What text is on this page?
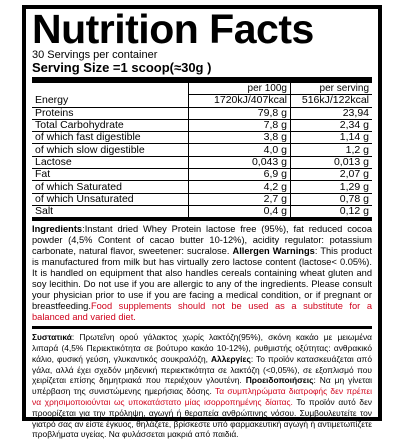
Nutrition Facts
30 Servings per container
Serving Size =1 scoop(≈30g )
	per 100g	per serving
Energy	1720kJ/407kcal	516kJ/122kcal
Proteins	79,8 g	23,94
Total Carbohydrate	7,8 g	2,34 g
of which fast digestible	3,8 g	1,14 g
of which slow digestible	4,0 g	1,2 g
Lactose	0,043 g	0,013 g
Fat	6,9 g	2,07 g
of which Saturated	4,2 g	1,29 g
of which Unsaturated	2,7 g	0,78 g
Salt	0,4 g	0,12 g
Ingredients:Instant dried Whey Protein lactose free (95%), fat reduced cocoa powder (4,5% Content of cacao butter 10-12%), acidity regulator: potassium carbonate, natural flavor, sweetener: sucralose. Allergen Warnings: This product is manufactured from milk but has virtually zero lactose content (lactose< 0.05%). It is handled on equipment that also handles cereals containing wheat gluten and soy lecithin. Do not use if you are allergic to any of the ingredients. Please consult your physician prior to use if you are facing a medical condition, or if pregnant or breastfeeding.Food supplements should not be used as a substitute for a balanced and varied diet.
Συστατικά: Πρωτεΐνη ορού γάλακτος χωρίς λακτόζη(95%), σκόνη κακάο με μειωμένα λιπαρά (4,5% Περιεκτικότητα σε βούτυρο κακάο 10-12%), ρυθμιστής οξύτητας: ανθρακικό κάλιο, φυσική γεύση, γλυκαντικός σουκραλόζη, Αλλεργίες: Το προϊόν κατασκευάζεται από γάλα, αλλά έχει σχεδόν μηδενική περιεκτικότητα σε λακτόζη (<0,05%), σε εξοπλισμό που χειρίζεται επίσης δημητριακά που περιέχουν γλουτένη. Προειδοποιήσεις: Να μη γίνεται υπέρβαση της συνιστώμενης ημερήσιας δόσης. Τα συμπληρώματα διατροφής δεν πρέπει να χρησιμοποιούνται ως υποκατάστατο μίας ισορροπημένης δίαιτας. Το προϊόν αυτό δεν προορίζεται για την πρόληψη, αγωγή ή θεραπεία ανθρώπινης νόσου. Συμβουλευτείτε τον γιατρό σας αν είστε έγκυος, θηλάζετε, βρίσκεστε υπό φαρμακευτική αγωγή ή αντιμετωπίζετε προβλήματα υγείας. Να φυλάσσεται μακριά από παιδιά.
